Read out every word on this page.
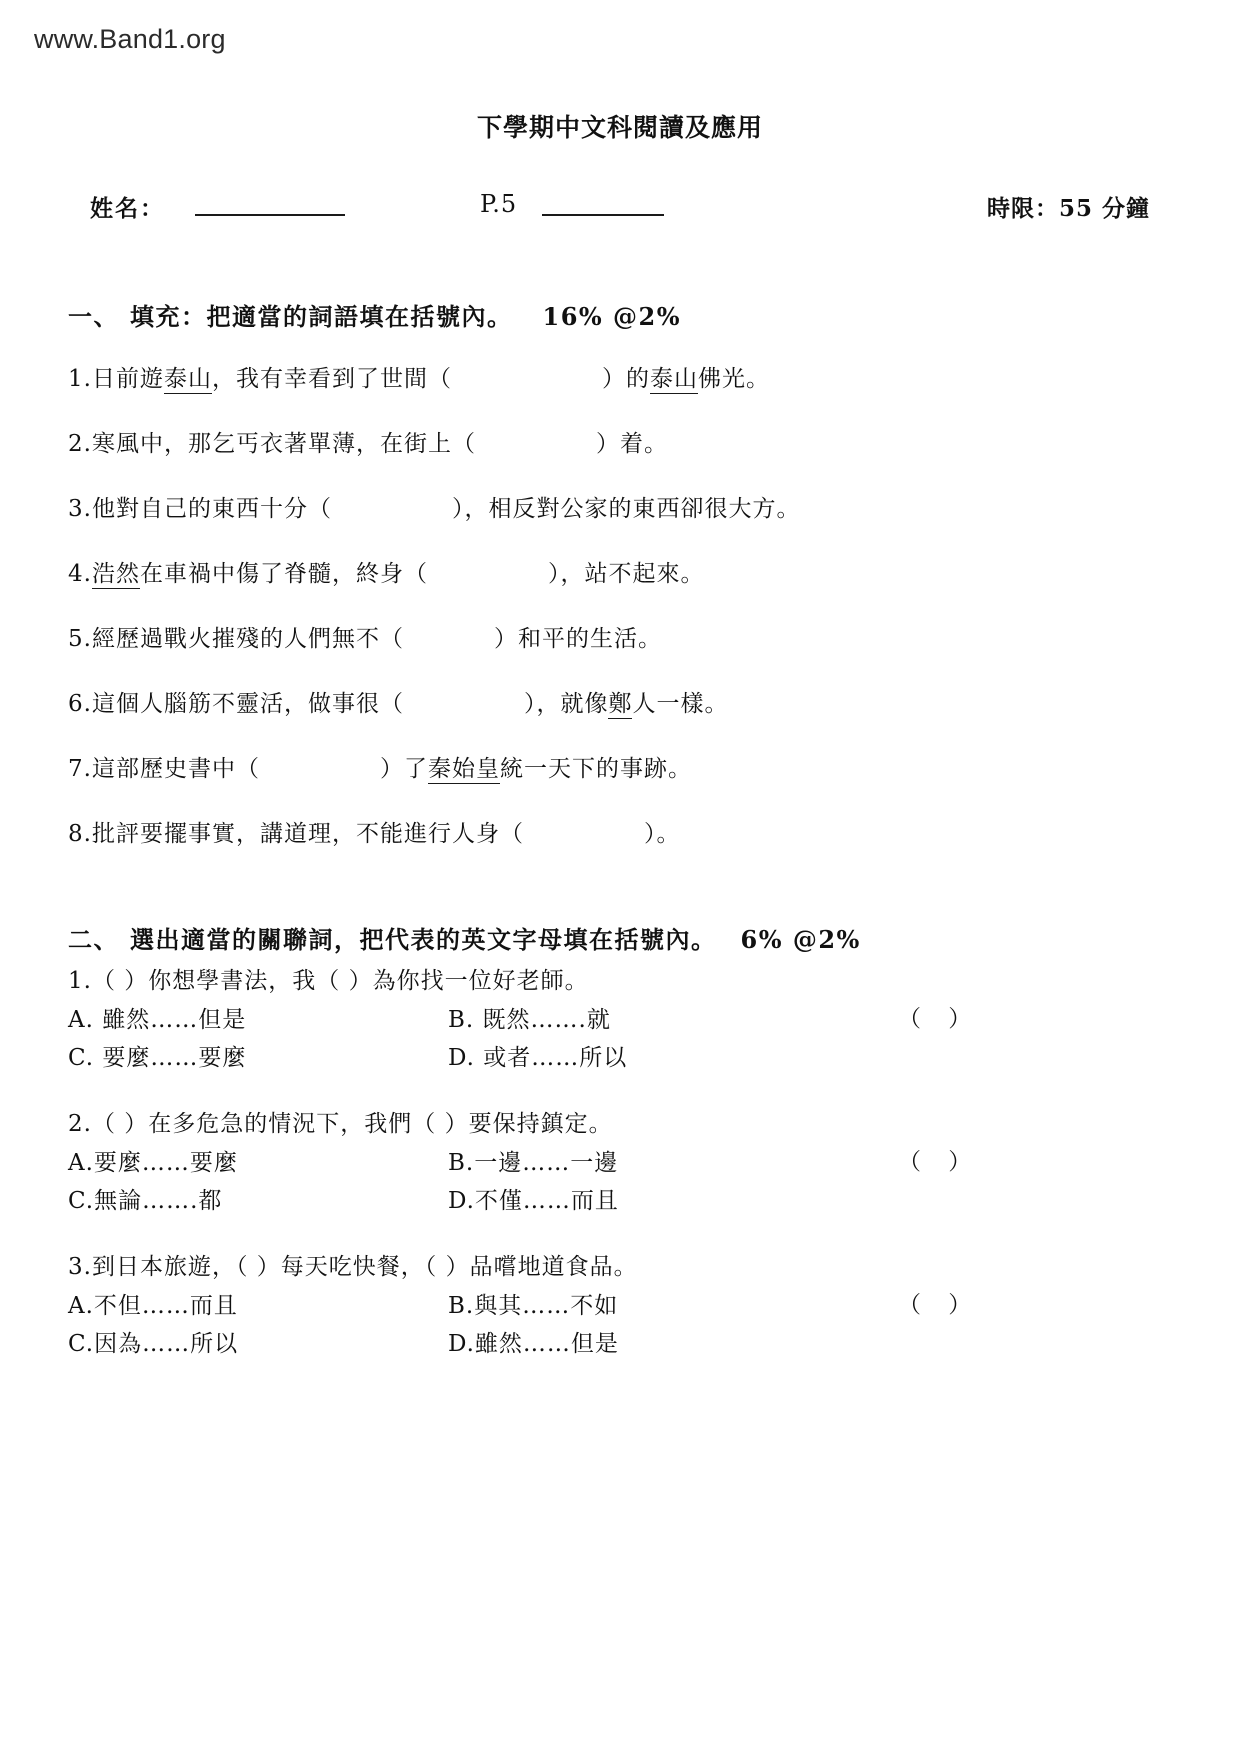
www.Band1.org
下學期中文科閱讀及應用
姓名：	P.5	時限：55 分鐘
一、 填充：把適當的詞語填在括號內。 16% @2%
1.日前遊泰山，我有幸看到了世間（	）的泰山佛光。
2.寒風中，那乞丐衣著單薄，在街上（	）着。
3.他對自己的東西十分（	），相反對公家的東西卻很大方。
4.浩然在車禍中傷了脊髓，終身（	），站不起來。
5.經歷過戰火摧殘的人們無不（	）和平的生活。
6.這個人腦筋不靈活，做事很（	），就像鄭人一樣。
7.這部歷史書中（	）了秦始皇統一天下的事跡。
8.批評要擺事實，講道理，不能進行人身（	）。
二、 選出適當的關聯詞，把代表的英文字母填在括號內。 6% @2%
1.（ ）你想學書法，我（ ）為你找一位好老師。
A. 雖然……但是	B. 既然…….就
C. 要麼……要麼	D. 或者……所以
（ ）
2.（ ）在多危急的情況下，我們（ ）要保持鎮定。
A.要麼……要麼	B.一邊……一邊
C.無論…….都	D.不僅……而且
（ ）
3.到日本旅遊，（ ）每天吃快餐，（ ）品嚐地道食品。
A.不但……而且	B.與其……不如
C.因為……所以	D.雖然……但是
（ ）
